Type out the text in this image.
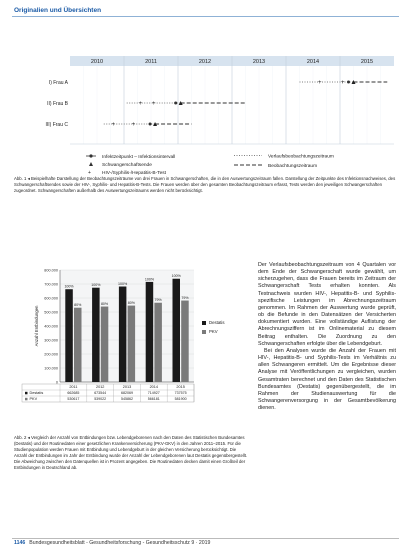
Originalien und Übersichten
2010	2011	2012	2013	2014	2015
I) Frau A	+	+
II) Frau B	+ +
III) Frau C	+	+
Infektzeitpunkt – Infektionsintervall
Schwangerschaftsende
+ HIV-/Syphilis-/Hepatitis-B-Test
Verlaufsbeobachtungszeitraum
Beobachtungszeitraum
Abb. 1 ◂ Beispielhafte Darstellung der Beobachtungszeiträume von drei Frauen in Schwangerschaften, die in den Auswertungszeitraum fallen. Darstellung der Zeitpunkte des Infektionsnachweises, des Schwangerschaftsendes sowie der HIV-, Syphilis- und Hepatitis-B-Tests. Die Frauen werden über den gesamten Beobachtungszeitraum erfasst, Tests werden den jeweiligen Schwangerschaften zugeordnet. Schwangerschaften außerhalb des Auswertungszeitraums werden nicht berücksichtigt.
0
100.000
200.000
300.000
400.000
500.000
600.000
700.000
800.000
Anzahl Entbindungen
80%
100%
80%
100%
80%
100%
79%
100%
79%
100%
2011	2012	2013	2014	2015
Destatis	662685	673544	682069	714927	737575
PKV	530617	539022	545862	566181	581900
Destatis
PKV
Abb. 2 ◂ Vergleich der Anzahl von Entbindungen bzw. Lebendgeborenen nach den Daten des Statistischen Bundesamtes (Destatis) und der Routinedaten einer gesetzlichen Krankenversicherung (PKV-GKV) in den Jahren 2011–2015. Für die Studienpopulation werden Frauen mit Entbindung und Lebendgeburt in der gleichen Versicherung berücksichtigt. Die Anzahl der Entbindungen im Jahr der Entbindung wurde der Anzahl der Lebendgeborenen laut Destatis gegenübergestellt. Die Abweichung zwischen den Datenquellen ist in Prozent angegeben. Die Routinedaten decken damit einen Großteil der Entbindungen in Deutschland ab.

Der Verlaufsbeobachtungszeitraum von 4 Quartalen vor dem Ende der Schwangerschaft wurde gewählt, um sicherzugehen, dass die Frauen bereits im Zeitraum der Schwangerschaft Tests erhalten konnten. Als Testnachweis wurden HIV-, Hepatitis-B- und Syphilis-spezifische Leistungen im Abrechnungszeitraum genommen. Im Rahmen der Auswertung wurde geprüft, ob die Befunde in den Datensätzen der Versicherten dokumentiert wurden. Eine vollständige Auflistung der Abrechnungsziffern ist im Onlinematerial zu diesem Beitrag enthalten. Die Zuordnung zu den Schwangerschaften erfolgte über die Lebendgeburt.

Bei den Analysen wurde die Anzahl der Frauen mit HIV-, Hepatitis-B- und Syphilis-Tests im Verhältnis zu allen Schwangeren ermittelt. Um die Ergebnisse dieser Analyse mit Veröffentlichungen zu vergleichen, wurden Gesamtraten berechnet und den Daten des Statistischen Bundesamtes (Destatis) gegenübergestellt, die im Rahmen der Studienauswertung für die Schwangerenversorgung in der Gesamtbevölkerung dienen.

1146 Bundesgesundheitsblatt - Gesundheitsforschung - Gesundheitsschutz 9 · 2019
